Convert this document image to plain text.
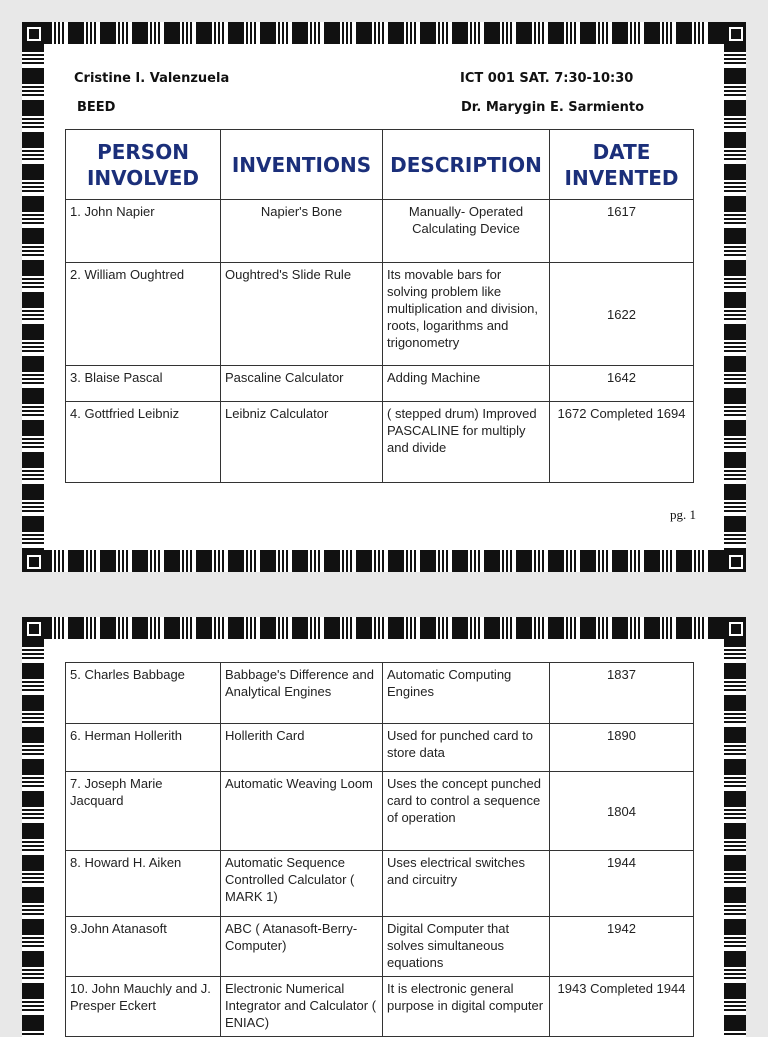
Cristine I. Valenzuela
BEED
ICT 001 SAT. 7:30-10:30
Dr. Marygin E. Sarmiento
PERSON INVOLVED	INVENTIONS	DESCRIPTION	DATE INVENTED
1. John Napier	Napier's Bone	Manually- Operated Calculating Device	1617
2. William Oughtred	Oughtred's Slide Rule	Its movable bars for solving problem like multiplication and division, roots, logarithms and trigonometry	1622
3. Blaise Pascal	Pascaline Calculator	Adding Machine	1642
4. Gottfried Leibniz	Leibniz Calculator	( stepped drum) Improved PASCALINE for multiply and divide	1672 Completed 1694
pg. 1
5. Charles Babbage	Babbage's Difference and Analytical Engines	Automatic Computing Engines	1837
6. Herman Hollerith	Hollerith Card	Used for punched card to store data	1890
7. Joseph Marie Jacquard	Automatic Weaving Loom	Uses the concept punched card to control a sequence of operation	1804
8. Howard H. Aiken	Automatic Sequence Controlled Calculator ( MARK 1)	Uses electrical switches and circuitry	1944
9.John Atanasoft	ABC ( Atanasoft-Berry-Computer)	Digital Computer that solves simultaneous equations	1942
10. John Mauchly and J. Presper Eckert	Electronic Numerical Integrator and Calculator ( ENIAC)	It is electronic general purpose in digital computer	1943 Completed 1944
